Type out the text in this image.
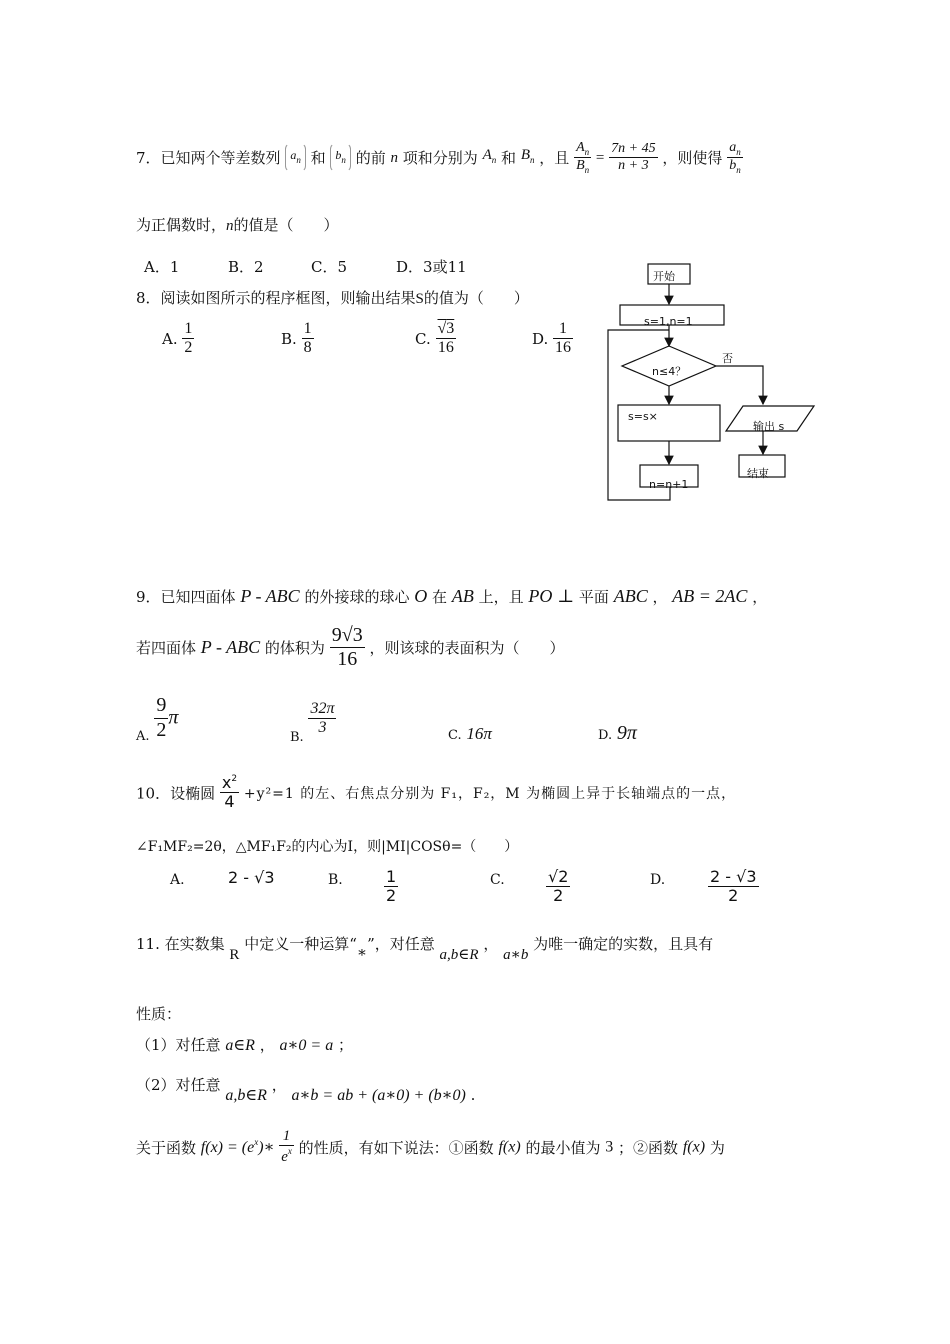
7．已知两个等差数列 $a_n$ 和 $b_n$ 的前 n 项和分别为 $A_n$ 和 $B_n$ ，且 $\frac{A_n}{B_n} = \frac{7n + 45}{n + 3}$ ，则使得 $\frac{a_n}{b_n}$
为正偶数时，n的值是（　　）
A．1	B．2	C．5	D．3或11
8．阅读如图所示的程序框图，则输出结果S的值为（　　）
A. $\frac{1}{2}$	B. $\frac{1}{8}$	C. $\frac{√3}{16}$	D. $\frac{1}{16}$
开始
s=1,n=1
n≤4？
否
s=s×
输出 s
结束
n=n+1
9．已知四面体 P - ABC 的外接球的球心 O 在 AB 上，且 PO ⊥ 平面 ABC ， AB = 2AC ，
若四面体 P - ABC 的体积为 $\frac{9√3}{16}$ ，则该球的表面积为（　　）
A. $\frac{9}{2}$ π
B. $\frac{32\pi}{3}$	C. 16π	D. 9π
10．设椭圆 $\frac{x^2}{4} +y^2=1$ 的左、右焦点分别为 F₁，F₂，M 为椭圆上异于长轴端点的一点，
∠F₁MF₂=2θ，△MF₁F₂的内心为I，则|MI|COSθ=（　　）
A.	2 - √3	B.	$\frac{1}{2}$	C.	$\frac{√2}{2}$	D.	$\frac{2 - √3}{2}$
11. 在实数集 R 中定义一种运算“∗”，对任意 a,b∈R ， a∗b 为唯一确定的实数，且具有
性质：
（1）对任意 a∈R ， a∗0 = a ；
（2）对任意 a,b∈R ， a∗b = ab + (a∗0) + (b∗0) .
关于函数 $f(x) = (e^x)∗ \frac{1}{e^x}$ 的性质，有如下说法：①函数 f(x) 的最小值为 3 ；②函数 f(x) 为
